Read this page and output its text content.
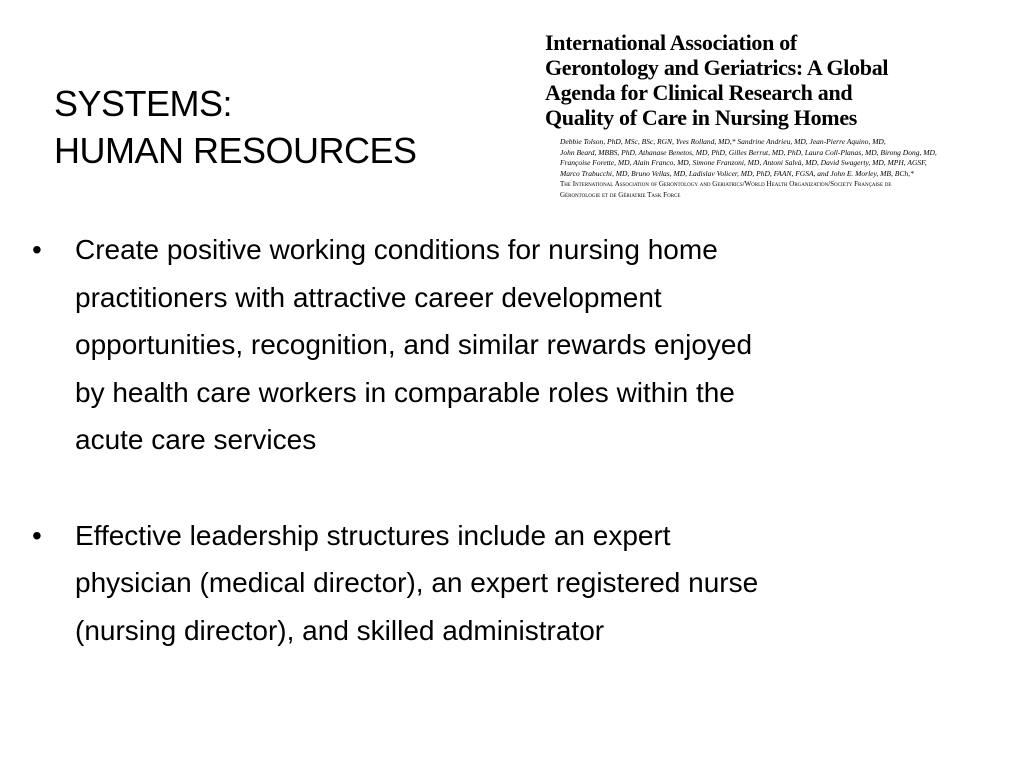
SYSTEMS:
HUMAN RESOURCES
International Association of
Gerontology and Geriatrics: A Global
Agenda for Clinical Research and
Quality of Care in Nursing Homes
Debbie Tolson, PhD, MSc, BSc, RGN, Yves Rolland, MD,* Sandrine Andrieu, MD, Jean-Pierre Aquino, MD,
John Beard, MBBS, PhD, Athanase Benetos, MD, PhD, Gilles Berrut, MD, PhD, Laura Coll-Planas, MD, Birong Dong, MD,
Françoise Forette, MD, Alain Franco, MD, Simone Franzoni, MD, Antoni Salvà, MD, David Swagerty, MD, MPH, AGSF,
Marco Trabucchi, MD, Bruno Vellas, MD, Ladislav Volicer, MD, PhD, FAAN, FGSA, and John E. Morley, MB, BCh,*
The International Association of Gerontology and Geriatrics/World Health Organization/Society Française de
Gérontologie et de Gériatrie Task Force
•	Create positive working conditions for nursing home
practitioners with attractive career development
opportunities, recognition, and similar rewards enjoyed
by health care workers in comparable roles within the
acute care services
•	Effective leadership structures include an expert
physician (medical director), an expert registered nurse
(nursing director), and skilled administrator
